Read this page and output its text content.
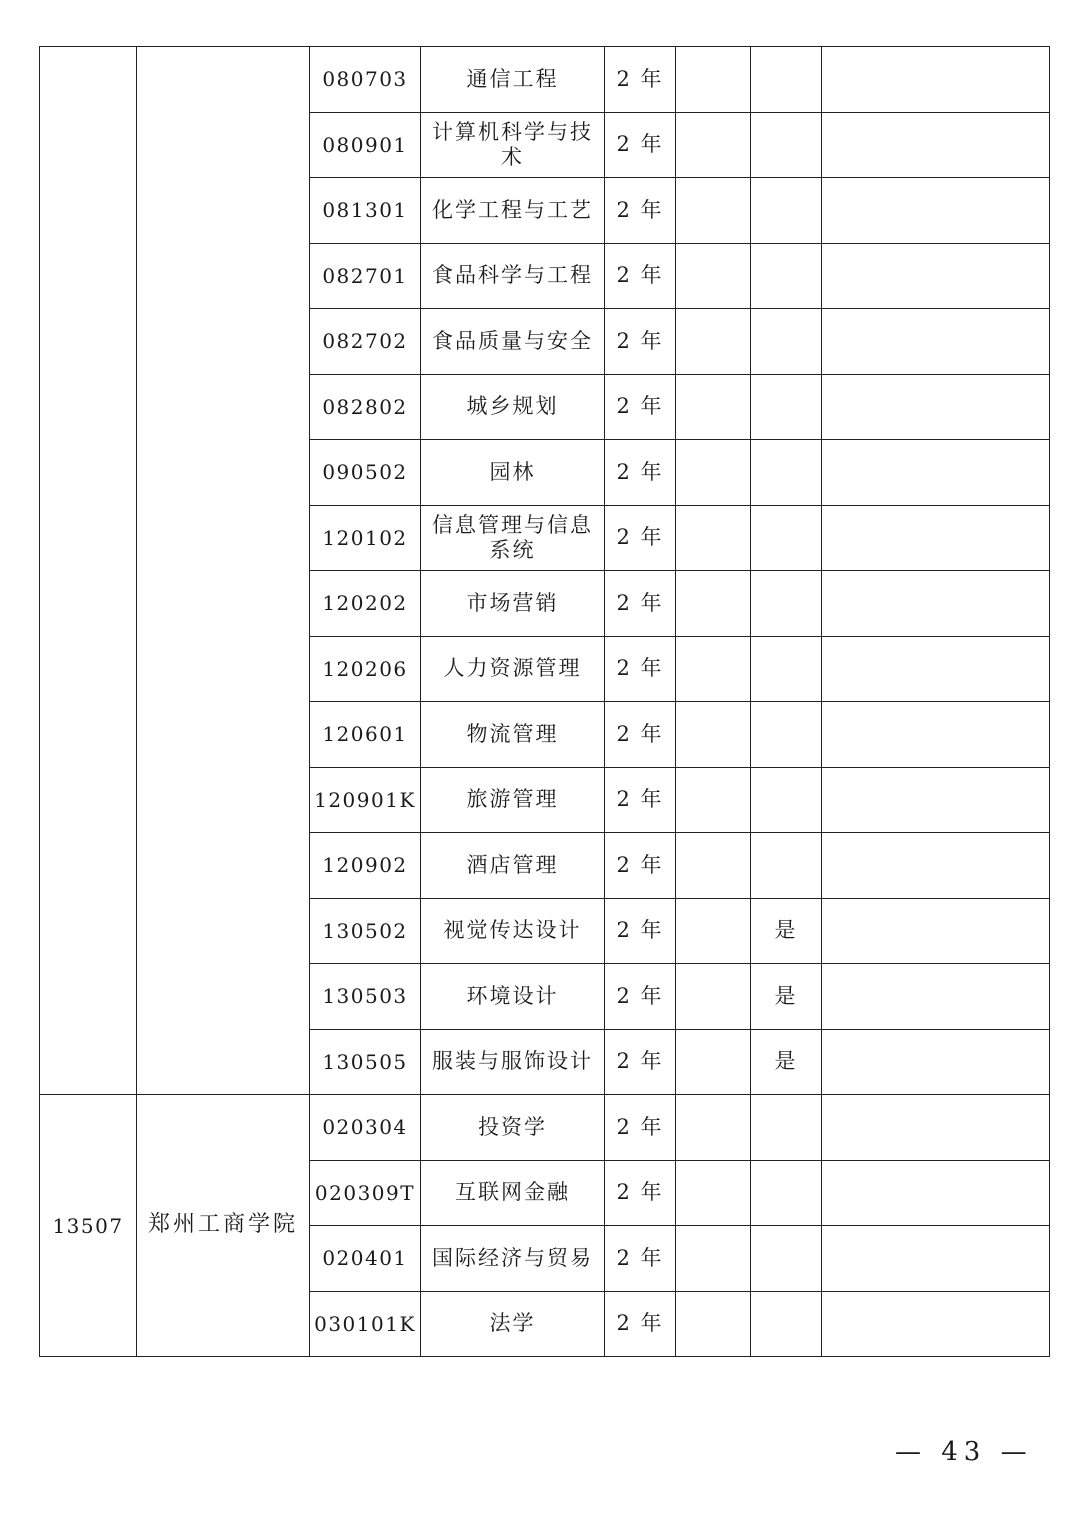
		080703	通信工程	2 年			
		080901	计算机科学与技术	2 年			
		081301	化学工程与工艺	2 年			
		082701	食品科学与工程	2 年			
		082702	食品质量与安全	2 年			
		082802	城乡规划	2 年			
		090502	园林	2 年			
		120102	信息管理与信息系统	2 年			
		120202	市场营销	2 年			
		120206	人力资源管理	2 年			
		120601	物流管理	2 年			
		120901K	旅游管理	2 年			
		120902	酒店管理	2 年			
		130502	视觉传达设计	2 年		是	
		130503	环境设计	2 年		是	
		130505	服装与服饰设计	2 年		是	
13507	郑州工商学院	020304	投资学	2 年			
		020309T	互联网金融	2 年			
		020401	国际经济与贸易	2 年			
		030101K	法学	2 年			
— 43 —
